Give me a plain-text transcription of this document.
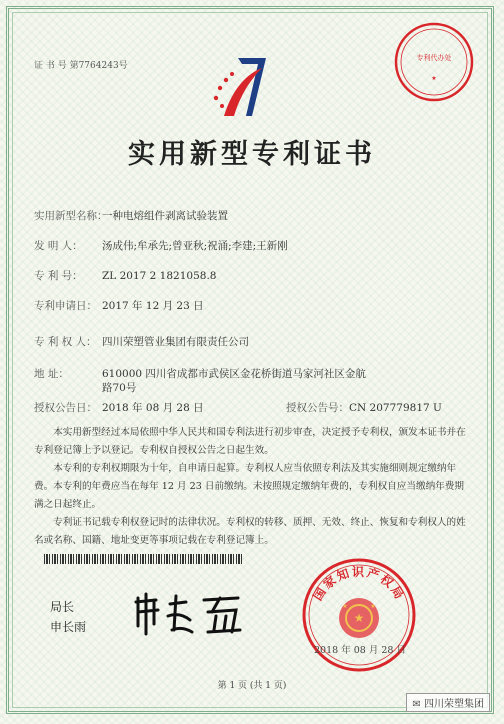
证 书 号 第7764243号
专利代办处
★
实用新型专利证书
实用新型名称：一种电熔组件剥离试验装置
发 明 人： 汤成伟;牟承先;曾亚秋;祝涌;李建;王新刚
专 利 号： ZL 2017 2 1821058.8
专利申请日： 2017 年 12 月 23 日
专 利 权 人： 四川荣塑管业集团有限责任公司
地 址：	610000 四川省成都市武侯区金花桥街道马家河社区金航
路70号
授权公告日： 2018 年 08 月 28 日	授权公告号：CN 207779817 U
本实用新型经过本局依照中华人民共和国专利法进行初步审查，决定授予专利权，颁发本证书并在专利登记簿上予以登记。专利权自授权公告之日起生效。
本专利的专利权期限为十年，自申请日起算。专利权人应当依照专利法及其实施细则规定缴纳年费。本专利的年费应当在每年 12 月 23 日前缴纳。未按照规定缴纳年费的，专利权自应当缴纳年费期满之日起终止。
专利证书记载专利权登记时的法律状况。专利权的转移、质押、无效、终止、恢复和专利权人的姓名或名称、国籍、地址变更等事项记载在专利登记簿上。
局长
申长雨
国家知识产权局
★
★	★
2018 年 08 月 28 日
第 1 页 (共 1 页)
✉ 四川荣塑集团
